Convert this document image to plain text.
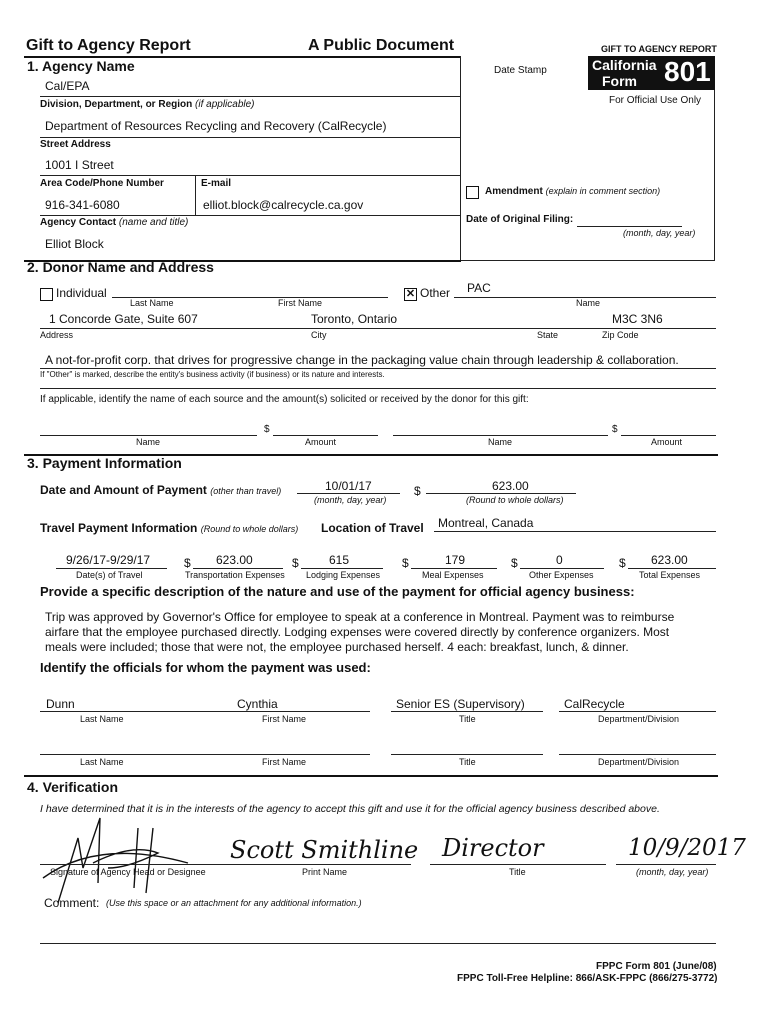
Gift to Agency Report	A Public Document	GIFT TO AGENCY REPORT
California
Form 801
For Official Use Only
Date Stamp
1. Agency Name
Cal/EPA
Division, Department, or Region (if applicable)
Department of Resources Recycling and Recovery (CalRecycle)
Street Address
1001 I Street
Area Code/Phone Number	E-mail
916-341-6080	elliot.block@calrecycle.ca.gov
Agency Contact (name and title)
Elliot Block
Amendment (explain in comment section)
Date of Original Filing:
(month, day, year)
2. Donor Name and Address
Individual
Last Name	First Name
✕
Other PAC
Name
1 Concorde Gate, Suite 607	Toronto, Ontario	M3C 3N6
Address	City	State	Zip Code
A not-for-profit corp. that drives for progressive change in the packaging value chain through leadership & collaboration.
If "Other" is marked, describe the entity's business activity (if business) or its nature and interests.
If applicable, identify the name of each source and the amount(s) solicited or received by the donor for this gift:
$
Name	Amount
$
Name	Amount
3. Payment Information
Date and Amount of Payment (other than travel)	10/01/17
(month, day, year)
$	623.00
(Round to whole dollars)
Travel Payment Information (Round to whole dollars) Location of Travel Montreal, Canada
9/26/17-9/29/17
Date(s) of Travel
$ 623.00
Transportation Expenses
$	615
Lodging Expenses
$	179
Meal Expenses
$	0
Other Expenses
$ 623.00
Total Expenses
Provide a specific description of the nature and use of the payment for official agency business:
Trip was approved by Governor's Office for employee to speak at a conference in Montreal. Payment was to reimburse
airfare that the employee purchased directly. Lodging expenses were covered directly by conference organizers. Most
meals were included; those that were not, the employee purchased herself. 4 each: breakfast, lunch, & dinner.
Identify the officials for whom the payment was used:
Dunn	Cynthia	Senior ES (Supervisory)	CalRecycle
Last Name	First Name	Title	Department/Division
Last Name	First Name	Title	Department/Division
4. Verification
I have determined that it is in the interests of the agency to accept this gift and use it for the official agency business described above.
Scott Smithline Director	10/9/2017
Signature of Agency Head or Designee	Print Name	Title	(month, day, year)
Comment: (Use this space or an attachment for any additional information.)
FPPC Form 801 (June/08)
FPPC Toll-Free Helpline: 866/ASK-FPPC (866/275-3772)
